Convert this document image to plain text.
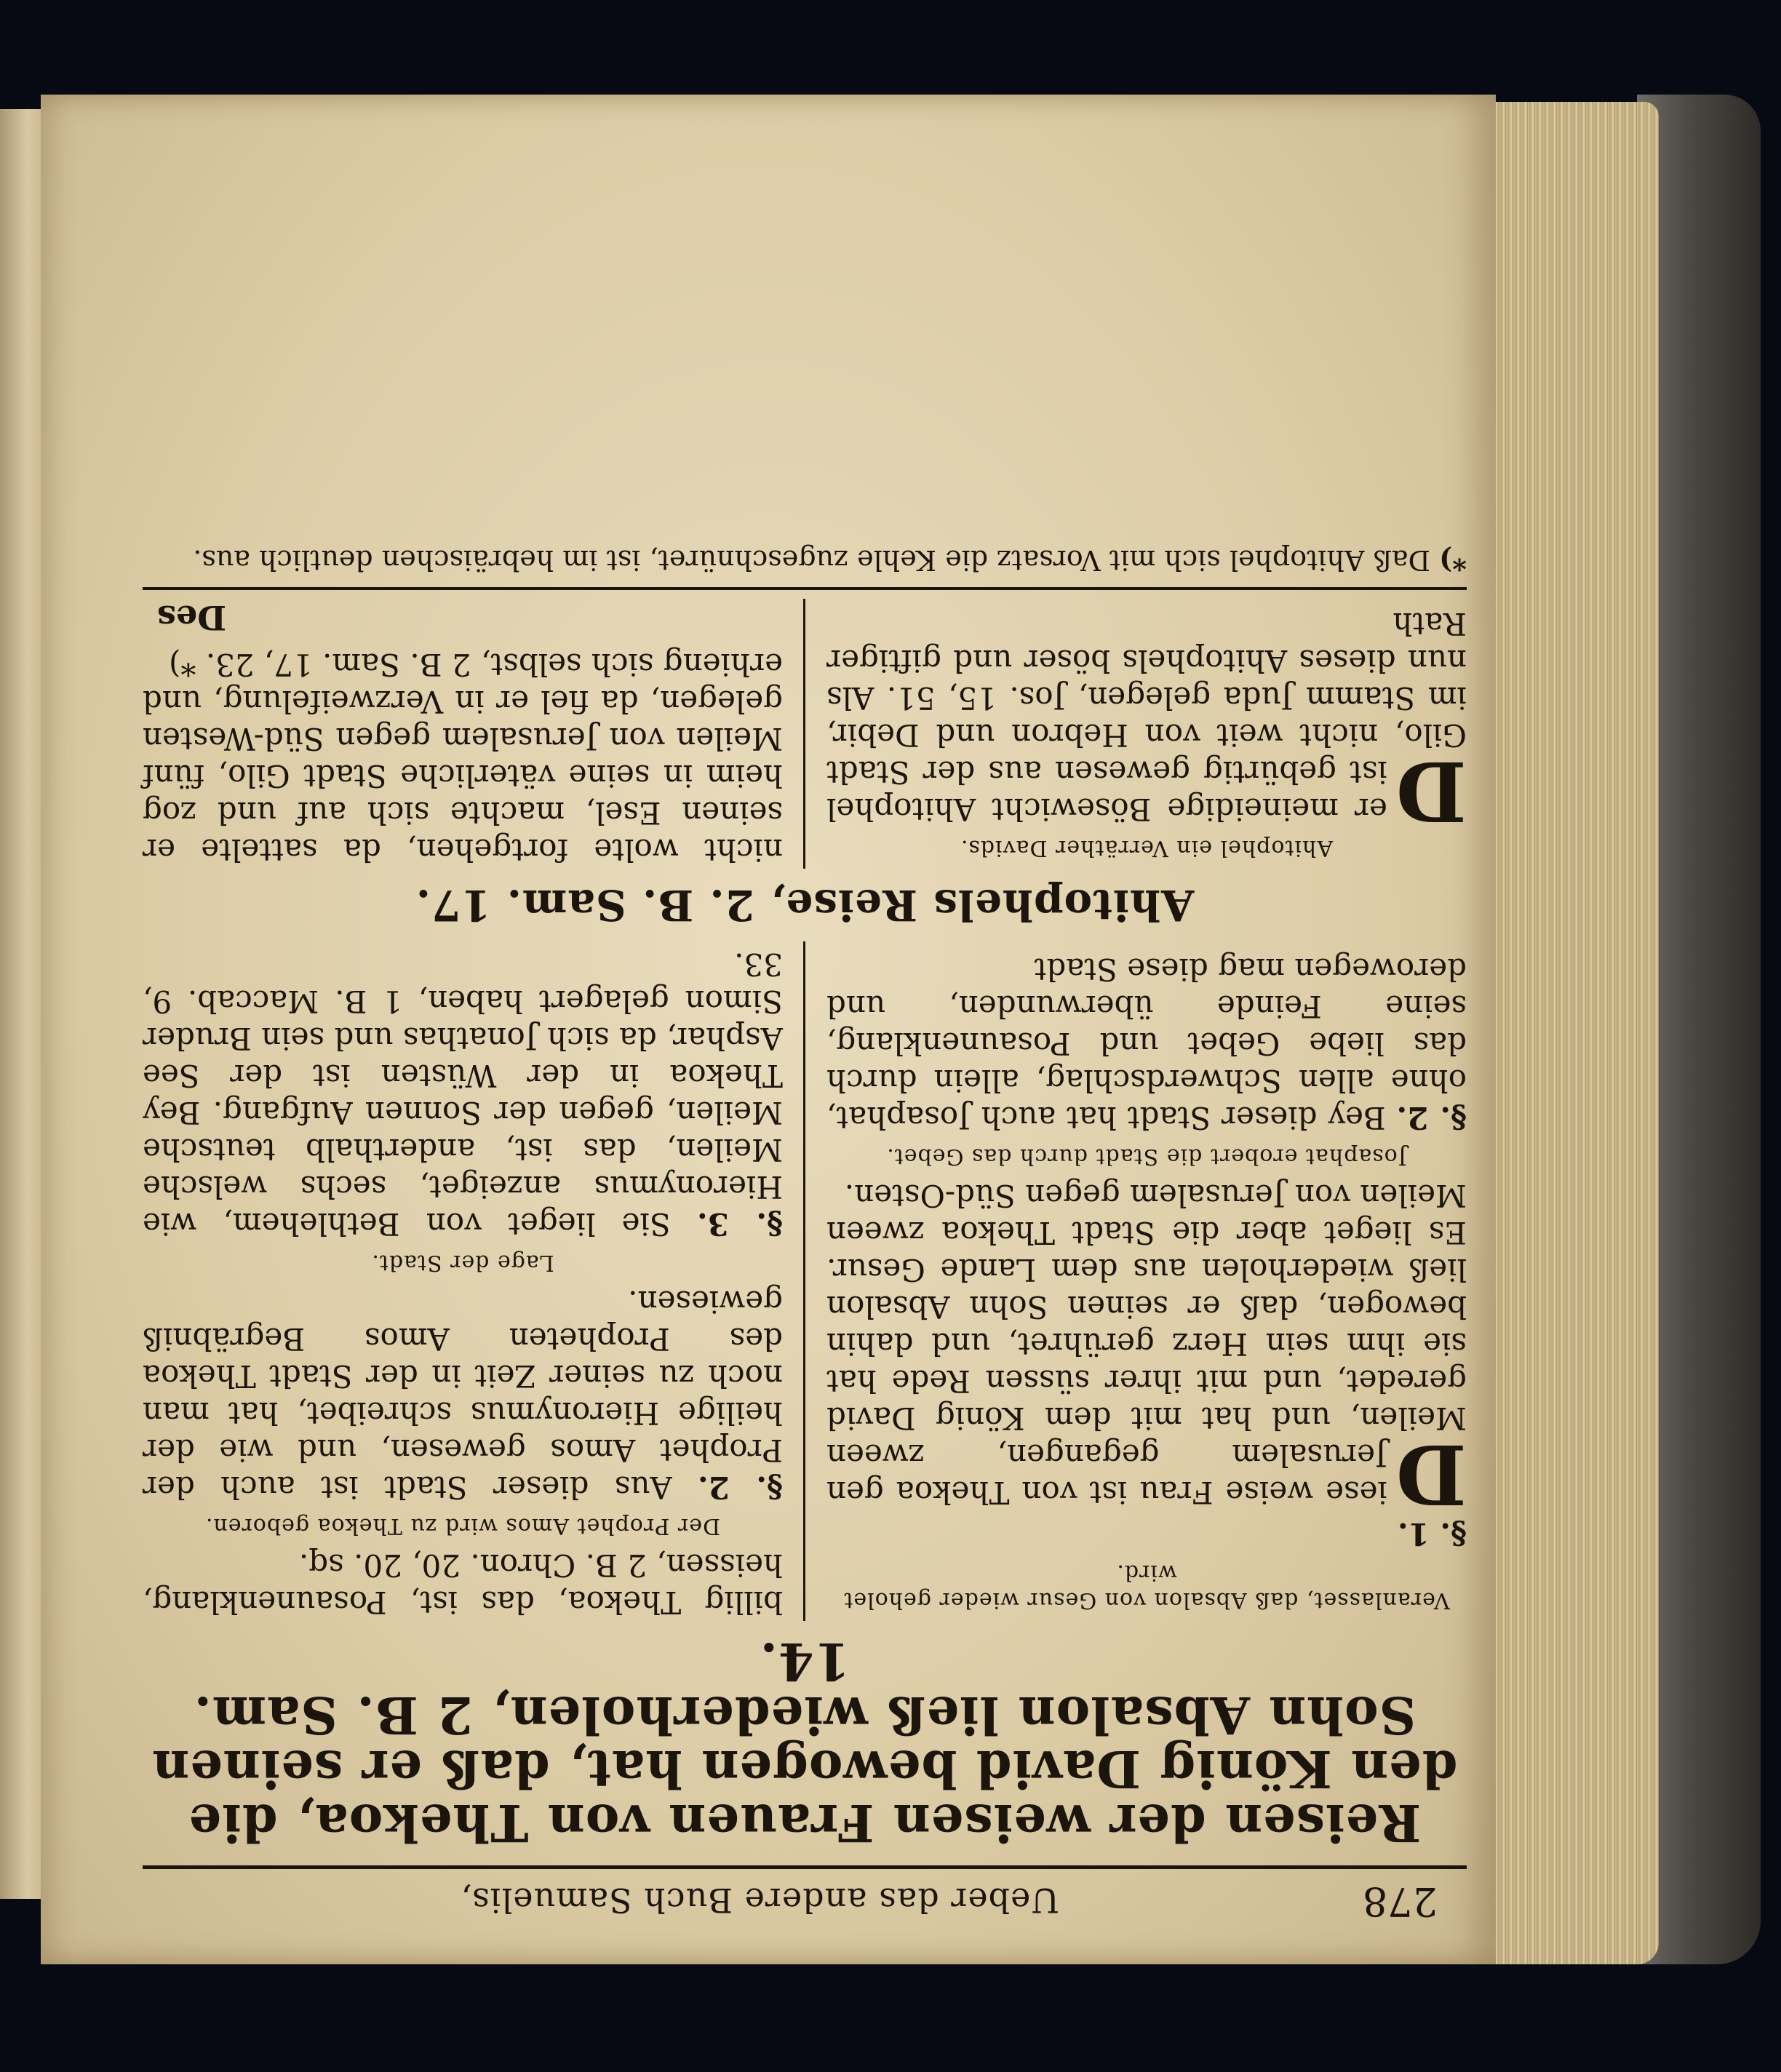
278
Ueber das andere Buch Samuelis,
Reisen der weisen Frauen von Thekoa, die den König David bewogen hat, daß er seinen Sohn Absalon ließ wiederholen, 2 B. Sam. 14.
Veranlasset, daß Absalon von Gesur wieder geholet wird.
§. 1.
D
iese weise Frau ist von Thekoa gen Jerusalem gegangen, zween Meilen, und hat mit dem König David geredet, und mit ihrer süssen Rede hat sie ihm sein Herz gerühret, und dahin bewogen, daß er seinen Sohn Absalon ließ wiederholen aus dem Lande Gesur. Es lieget aber die Stadt Thekoa zween Meilen von Jerusalem gegen Süd-Osten.
Josaphat erobert die Stadt durch das Gebet.
§. 2. Bey dieser Stadt hat auch Josaphat, ohne allen Schwerdschlag, allein durch das liebe Gebet und Posaunenklang, seine Feinde überwunden, und derowegen mag diese Stadt
billig Thekoa, das ist, Posaunenklang, heissen, 2 B. Chron. 20, 20. sq.
Der Prophet Amos wird zu Thekoa geboren.
§. 2. Aus dieser Stadt ist auch der Prophet Amos gewesen, und wie der heilige Hieronymus schreibet, hat man noch zu seiner Zeit in der Stadt Thekoa des Propheten Amos Begräbniß gewiesen.
Lage der Stadt.
§. 3. Sie lieget von Bethlehem, wie Hieronymus anzeiget, sechs welsche Meilen, das ist, anderthalb teutsche Meilen, gegen der Sonnen Aufgang. Bey Thekoa in der Wüsten ist der See Asphar, da sich Jonathas und sein Bruder Simon gelagert haben, 1 B. Maccab. 9, 33.
Ahitophels Reise, 2. B. Sam. 17.
Ahitophel ein Verräther Davids.
D
er meineidige Bösewicht Ahitophel ist gebürtig gewesen aus der Stadt Gilo, nicht weit von Hebron und Debir, im Stamm Juda gelegen, Jos. 15, 51. Als nun dieses Ahitophels böser und giftiger Rath
nicht wolte fortgehen, da sattelte er seinen Esel, machte sich auf und zog heim in seine väterliche Stadt Gilo, fünf Meilen von Jerusalem gegen Süd-Westen gelegen, da fiel er in Verzweifelung, und erhieng sich selbst, 2 B. Sam. 17, 23. *)
Des
*) Daß Ahitophel sich mit Vorsatz die Kehle zugeschnüret, ist im hebräischen deutlich aus.
